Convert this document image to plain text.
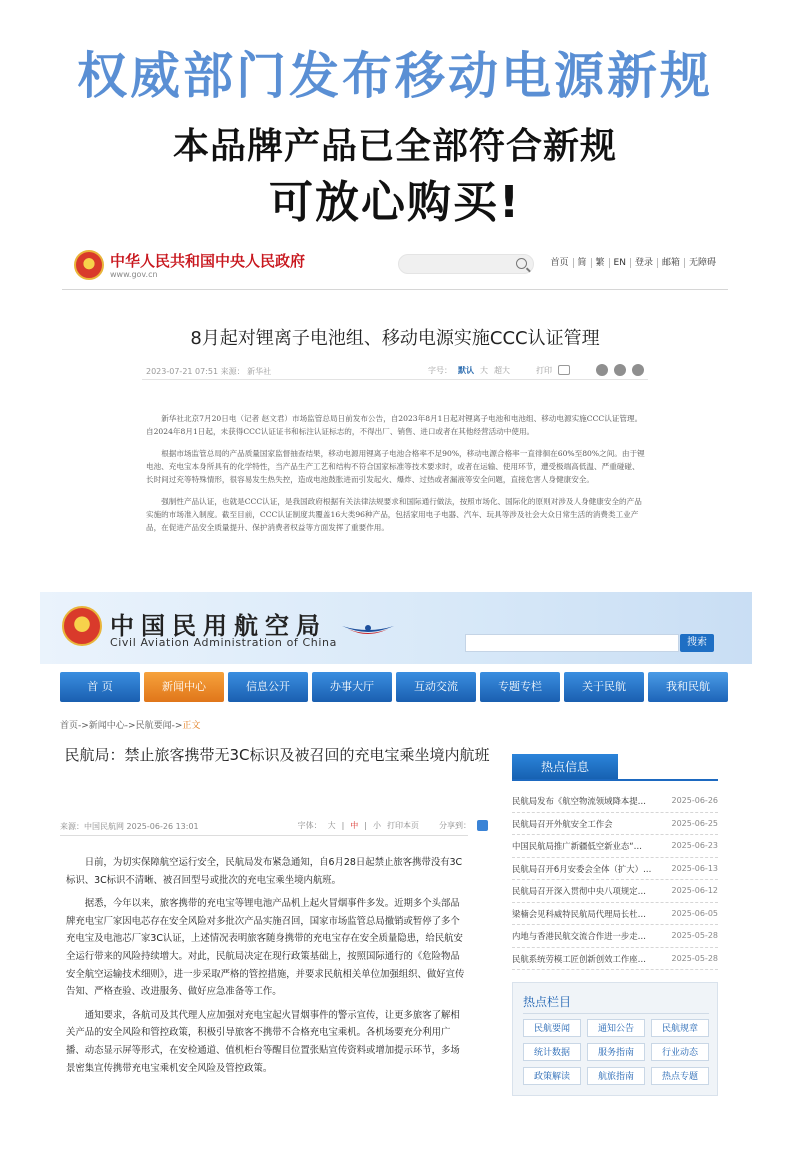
权威部门发布移动电源新规
本品牌产品已全部符合新规
可放心购买!
中华人民共和国中央人民政府
www.gov.cn
首页	简	繁	EN	登录	邮箱	无障碍
8月起对锂离子电池组、移动电源实施CCC认证管理
2023-07-21 07:51 来源： 新华社	字号： 默认 大 超大	打印

新华社北京7月20日电（记者 赵文君）市场监管总局日前发布公告，自2023年8月1日起对锂离子电池和电池组、移动电源实施CCC认证管理。自2024年8月1日起，未获得CCC认证证书和标注认证标志的，不得出厂、销售、进口或者在其他经营活动中使用。

根据市场监管总局的产品质量国家监督抽查结果，移动电源用锂离子电池合格率不足90%，移动电源合格率一直徘徊在60%至80%之间。由于锂电池、充电宝本身所具有的化学特性，当产品生产工艺和结构不符合国家标准等技术要求时，或者在运输、使用环节，遭受极端高低温、严重碰碰、长时间过充等特殊情形，很容易发生热失控，造成电池鼓胀进而引发起火、爆炸、过热或者漏液等安全问题，直接危害人身健康安全。

强制性产品认证，也就是CCC认证，是我国政府根据有关法律法规要求和国际通行做法，按照市场化、国际化的原则对涉及人身健康安全的产品实施的市场准入制度。截至目前，CCC认证制度共覆盖16大类96种产品，包括家用电子电器、汽车、玩具等涉及社会大众日常生活的消费类工业产品，在促进产品安全质量提升、保护消费者权益等方面发挥了重要作用。

中国民用航空局
Civil Aviation Administration of China	搜索
首 页	新闻中心	信息公开	办事大厅	互动交流	专题专栏	关于民航	我和民航
首页->新闻中心->民航要闻->正文
民航局：禁止旅客携带无3C标识及被召回的充电宝乘坐境内航班
来源：中国民航网 2025-06-26 13:01	字体： 大 | 中 | 小 打印本页	分享到：

日前，为切实保障航空运行安全，民航局发布紧急通知，自6月28日起禁止旅客携带没有3C标识、3C标识不清晰、被召回型号或批次的充电宝乘坐境内航班。

据悉，今年以来，旅客携带的充电宝等锂电池产品机上起火冒烟事件多发。近期多个头部品牌充电宝厂家因电芯存在安全风险对多批次产品实施召回，国家市场监管总局撤销或暂停了多个充电宝及电池芯厂家3C认证，上述情况表明旅客随身携带的充电宝存在安全质量隐患，给民航安全运行带来的风险持续增大。对此，民航局决定在现行政策基础上，按照国际通行的《危险物品安全航空运输技术细则》，进一步采取严格的管控措施，并要求民航相关单位加强组织、做好宣传告知、严格查验、改进服务、做好应急准备等工作。

通知要求，各航司及其代理人应加强对充电宝起火冒烟事件的警示宣传，让更多旅客了解相关产品的安全风险和管控政策，积极引导旅客不携带不合格充电宝乘机。各机场要充分利用广播、动态显示屏等形式，在安检通道、值机柜台等醒目位置张贴宣传资料或增加提示环节，多场景密集宣传携带充电宝乘机安全风险及管控政策。

热点信息
民航局发布《航空物流领域降本提…	2025-06-26
民航局召开外航安全工作会	2025-06-25
中国民航局推广新疆低空新业态“…	2025-06-23
民航局召开6月安委会全体（扩大）…	2025-06-13
民航局召开深入贯彻中央八项规定…	2025-06-12
梁楠会见科威特民航局代理局长杜…	2025-06-05
内地与香港民航交流合作进一步走…	2025-05-28
民航系统劳模工匠创新创效工作座…	2025-05-28
热点栏目
民航要闻	通知公告	民航规章
统计数据	服务指南	行业动态
政策解读	航旅指南	热点专题
